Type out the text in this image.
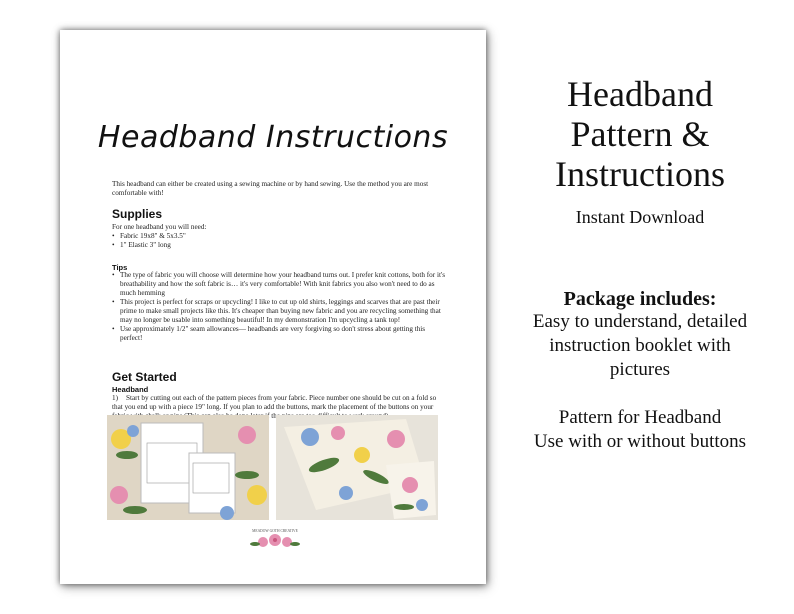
Headband Instructions
This headband can either be created using a sewing machine or by hand sewing. Use the method you are most comfortable with!
Supplies
For one headband you will need:
• Fabric 19x8" & 5x3.5"
• 1" Elastic 3" long
Tips
• The type of fabric you will choose will determine how your headband turns out. I prefer knit cottons, both for it's breathability and how the soft fabric is… it's very comfortable! With knit fabrics you also won't need to do as much hemming
• This project is perfect for scraps or upcycling! I like to cut up old shirts, leggings and scarves that are past their prime to make small projects like this. It's cheaper than buying new fabric and you are recycling something that may no longer be usable into something beautiful! In my demonstration I'm upcycling a tank top!
• Use approximately 1/2" seam allowances— headbands are very forgiving so don't stress about getting this perfect!
Get Started
Headband
1) Start by cutting out each of the pattern pieces from your fabric. Piece number one should be cut on a fold so that you end up with a piece 19" long. If you plan to add the buttons, mark the placement of the buttons on your
MEADOW GOTH CREATIVE
Headband
Pattern &
Instructions
Instant Download
Package includes:
Easy to understand, detailed
instruction booklet with
pictures
Pattern for Headband
Use with or without buttons
